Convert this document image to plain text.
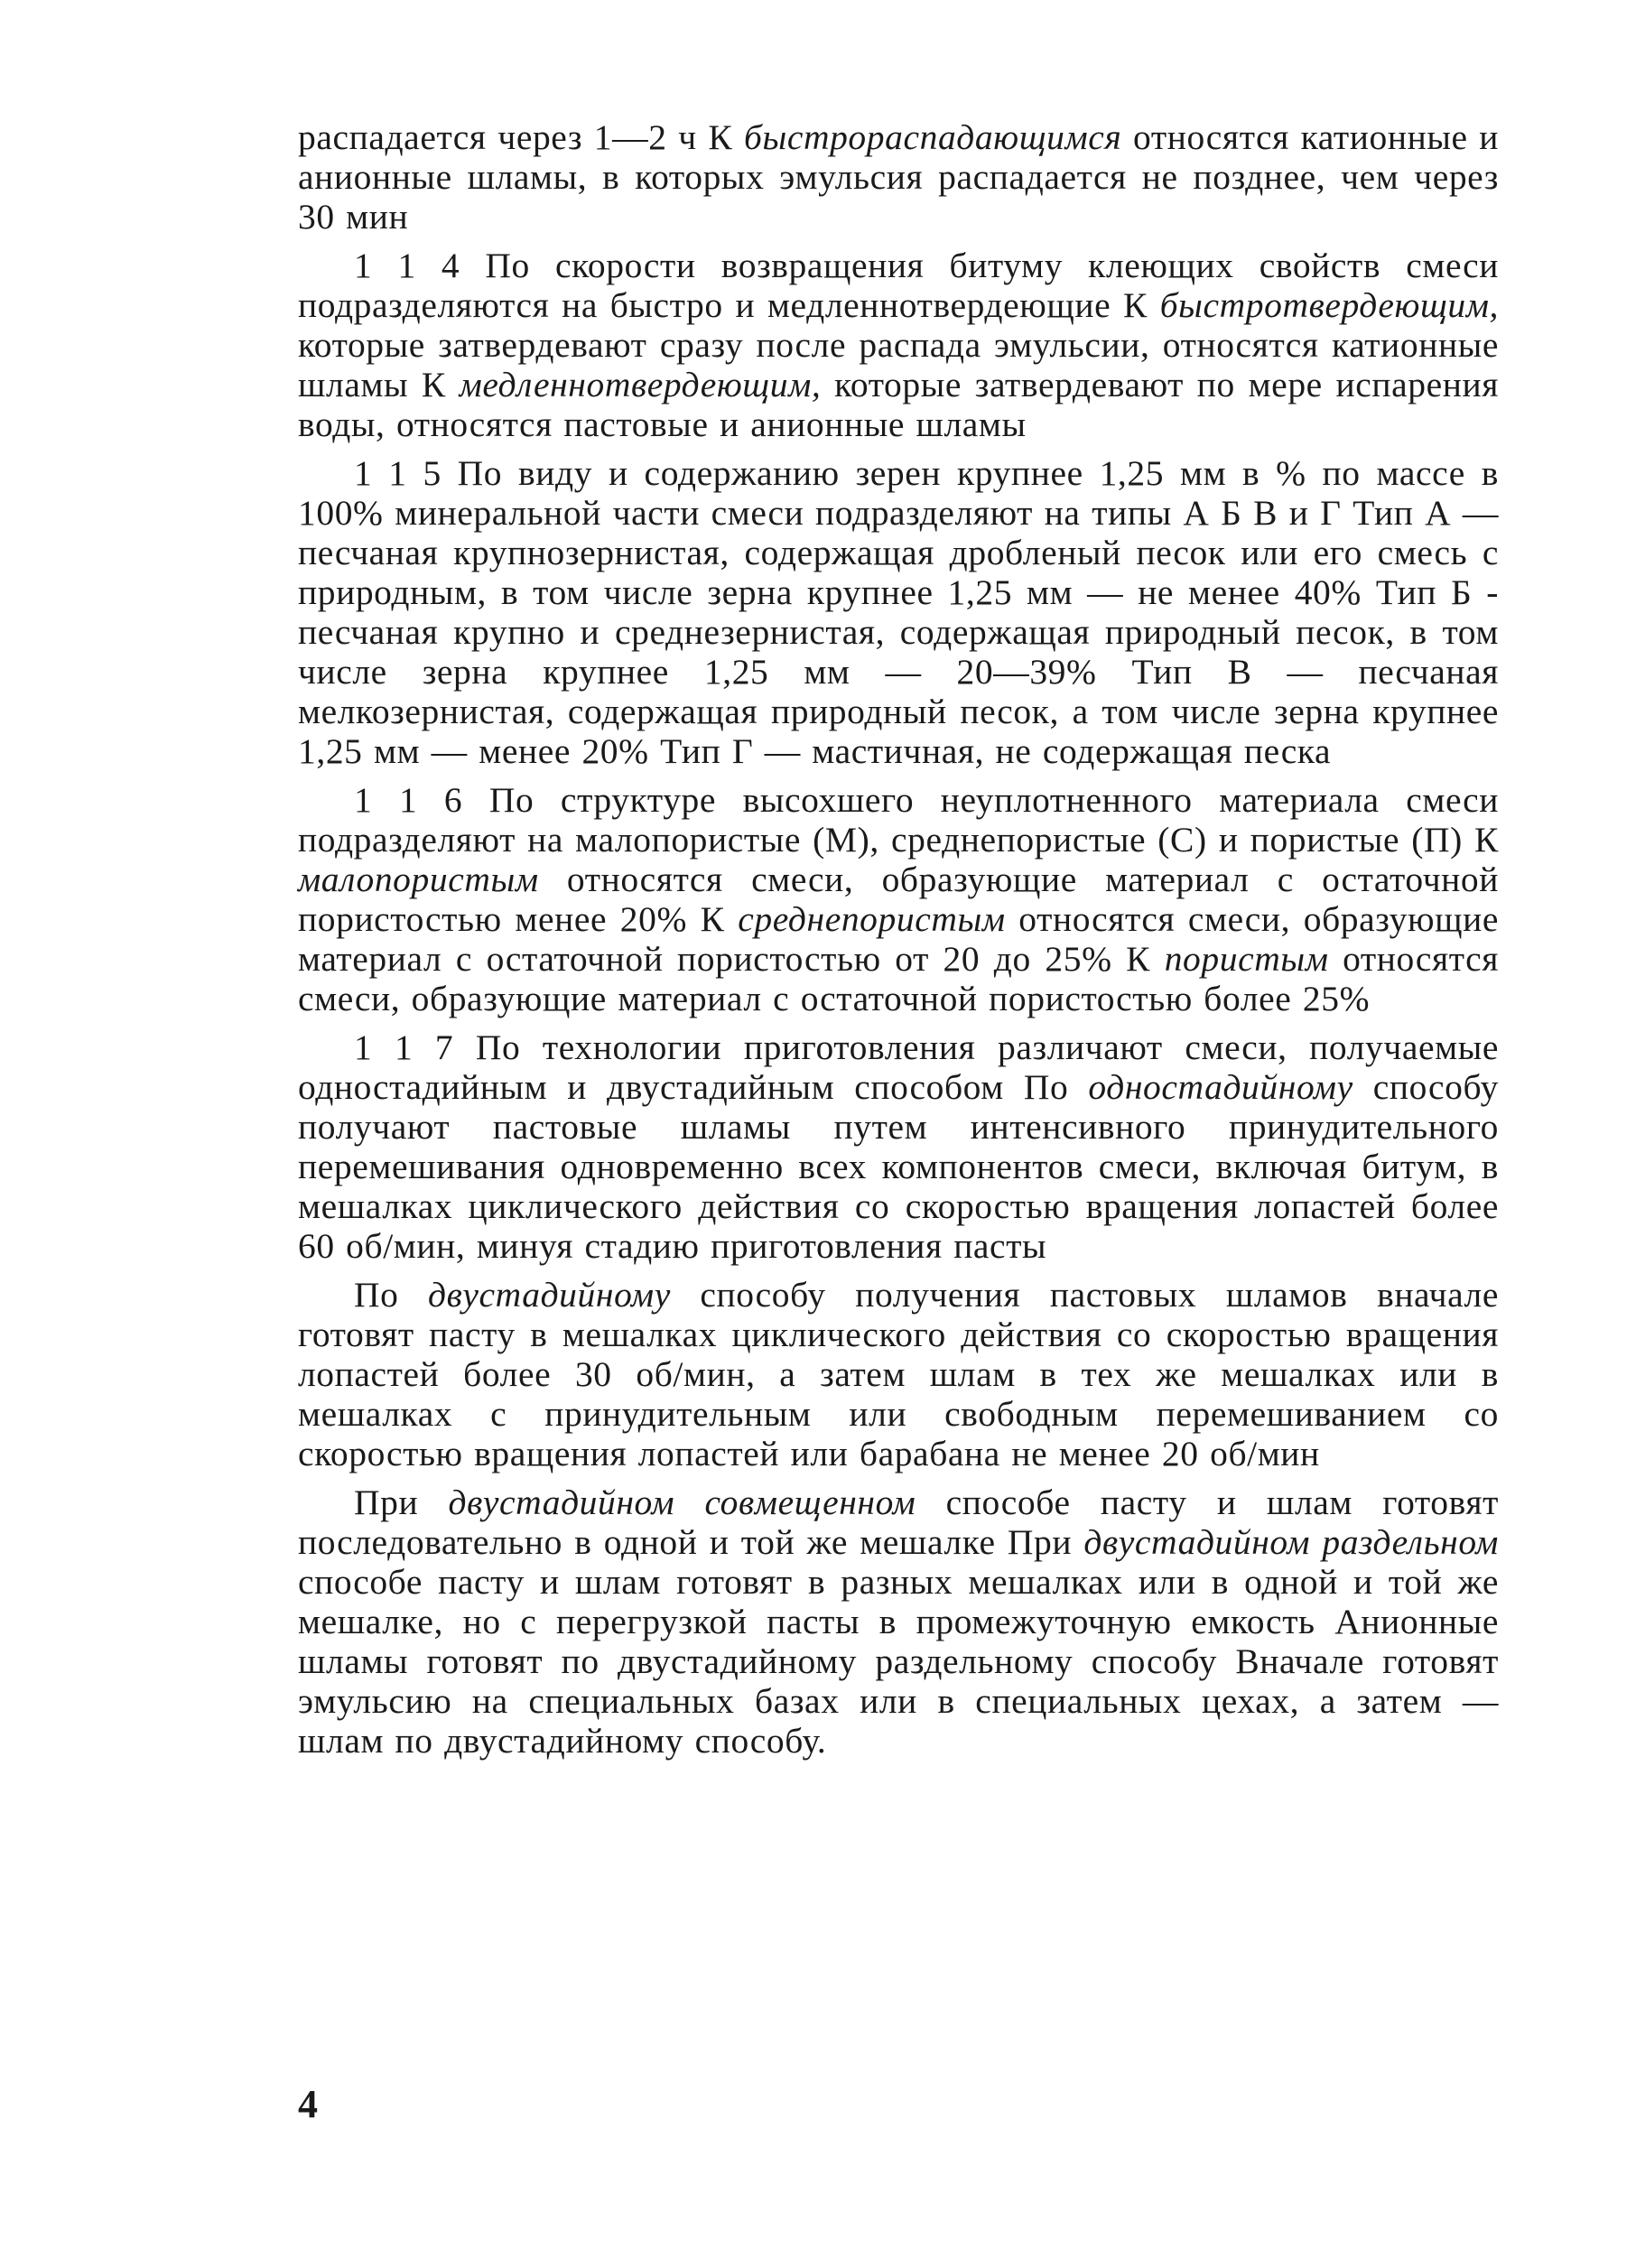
распадается через 1—2 ч К быстрораспадающимся относятся катионные и анионные шламы, в которых эмульсия распадается не позднее, чем через 30 мин

1 1 4 По скорости возвращения битуму клеющих свойств смеси подразделяются на быстро и медленнотвердеющие К быстротвердеющим, которые затвердевают сразу после распада эмульсии, относятся катионные шламы К медленнотвердеющим, которые затвердевают по мере испарения воды, относятся пастовые и анионные шламы

1 1 5 По виду и содержанию зерен крупнее 1,25 мм в % по массе в 100% минеральной части смеси подразделяют на типы А Б В и Г Тип А — песчаная крупнозернистая, содержащая дробленый песок или его смесь с природным, в том числе зерна крупнее 1,25 мм — не менее 40% Тип Б - песчаная крупно и среднезернистая, содержащая природный песок, в том числе зерна крупнее 1,25 мм — 20—39% Тип В — песчаная мелкозернистая, содержащая природный песок, а том числе зерна крупнее 1,25 мм — менее 20% Тип Г — мастичная, не содержащая песка

1 1 6 По структуре высохшего неуплотненного материала смеси подразделяют на малопористые (М), среднепористые (С) и пористые (П) К малопористым относятся смеси, образующие материал с остаточной пористостью менее 20% К среднепористым относятся смеси, образующие материал с остаточной пористостью от 20 до 25% К пористым относятся смеси, образующие материал с остаточной пористостью более 25%

1 1 7 По технологии приготовления различают смеси, получаемые одностадийным и двустадийным способом По одностадийному способу получают пастовые шламы путем интенсивного принудительного перемешивания одновременно всех компонентов смеси, включая битум, в мешалках циклического действия со скоростью вращения лопастей более 60 об/мин, минуя стадию приготовления пасты

По двустадийному способу получения пастовых шламов вначале готовят пасту в мешалках циклического действия со скоростью вращения лопастей более 30 об/мин, а затем шлам в тех же мешалках или в мешалках с принудительным или свободным перемешиванием со скоростью вращения лопастей или барабана не менее 20 об/мин

При двустадийном совмещенном способе пасту и шлам готовят последовательно в одной и той же мешалке При двустадийном раздельном способе пасту и шлам готовят в разных мешалках или в одной и той же мешалке, но с перегрузкой пасты в промежуточную емкость Анионные шламы готовят по двустадийному раздельному способу Вначале готовят эмульсию на специальных базах или в специальных цехах, а затем — шлам по двустадийному способу.

4
